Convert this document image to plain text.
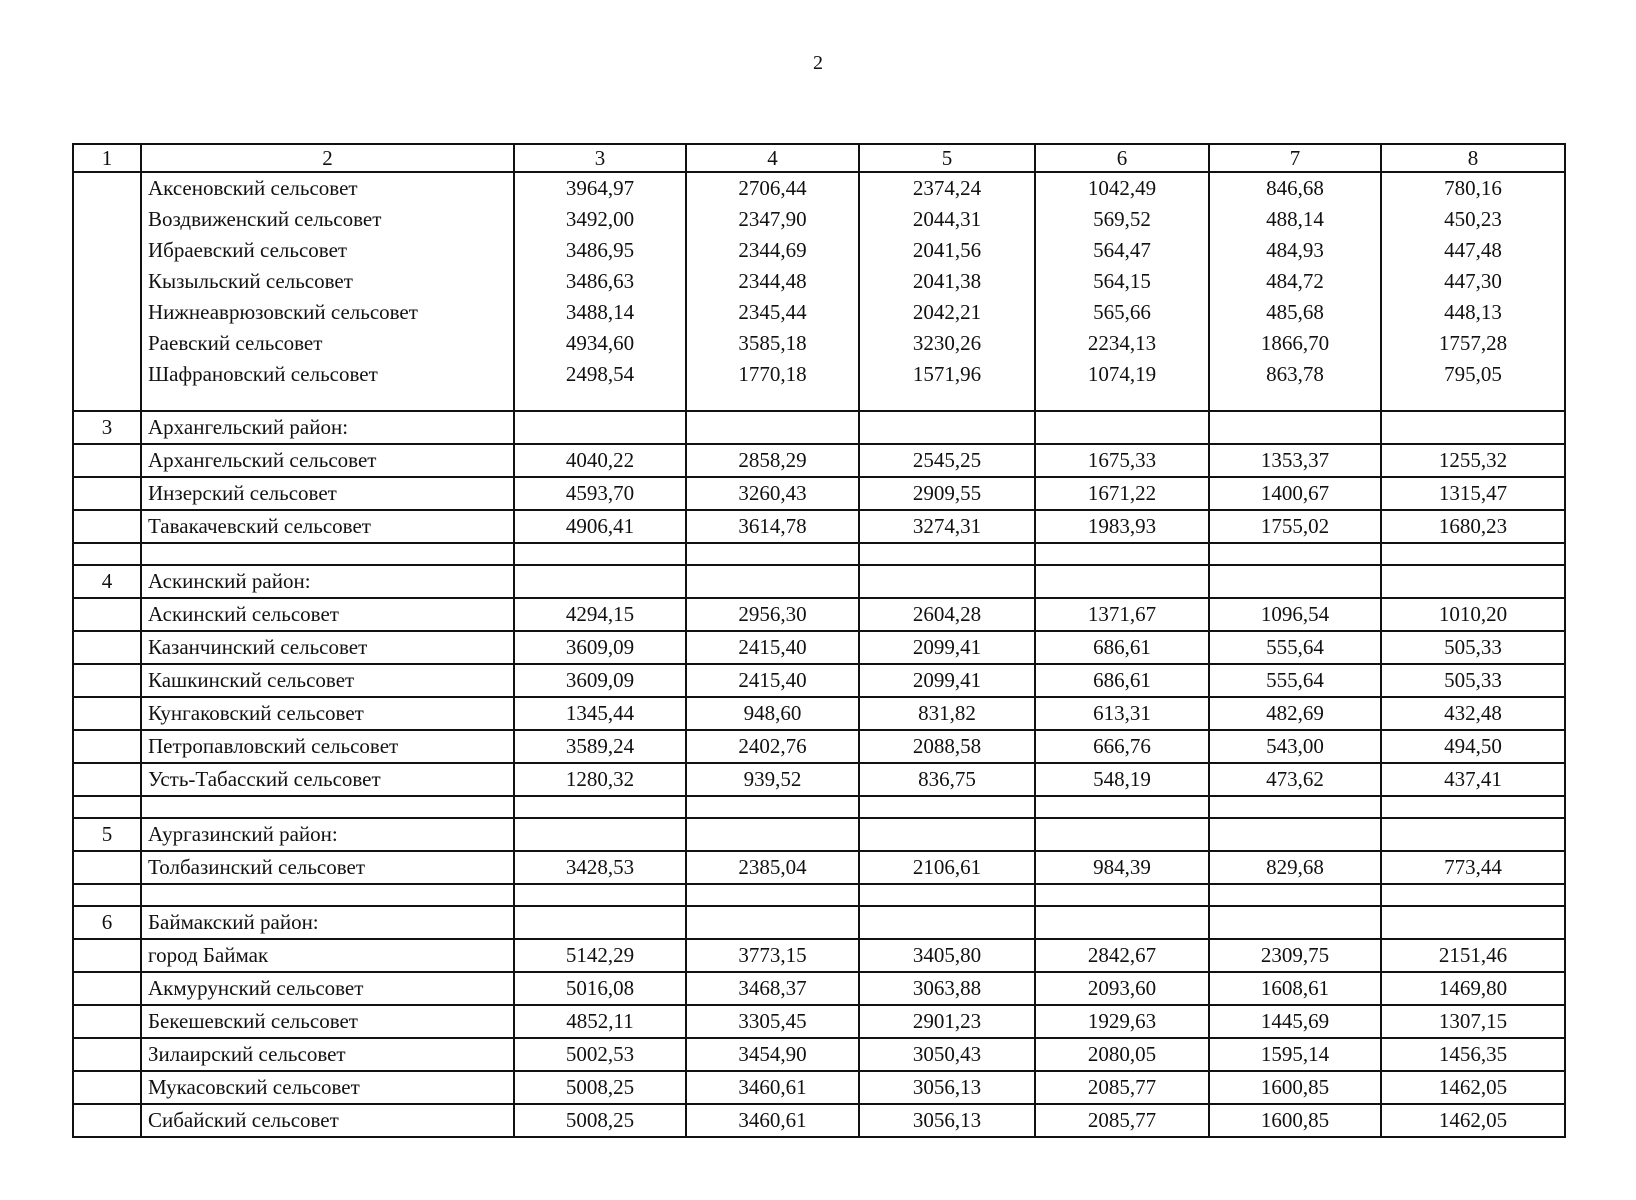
2
1	2	3	4	5	6	7	8
	Аксеновский сельсовет	3964,97	2706,44	2374,24	1042,49	846,68	780,16
	Воздвиженский сельсовет	3492,00	2347,90	2044,31	569,52	488,14	450,23
	Ибраевский сельсовет	3486,95	2344,69	2041,56	564,47	484,93	447,48
	Кызыльский сельсовет	3486,63	2344,48	2041,38	564,15	484,72	447,30
	Нижнеаврюзовский сельсовет	3488,14	2345,44	2042,21	565,66	485,68	448,13
	Раевский сельсовет	4934,60	3585,18	3230,26	2234,13	1866,70	1757,28
	Шафрановский сельсовет	2498,54	1770,18	1571,96	1074,19	863,78	795,05

3	Архангельский район:						
	Архангельский сельсовет	4040,22	2858,29	2545,25	1675,33	1353,37	1255,32
	Инзерский сельсовет	4593,70	3260,43	2909,55	1671,22	1400,67	1315,47
	Тавакачевский сельсовет	4906,41	3614,78	3274,31	1983,93	1755,02	1680,23

4	Аскинский район:						
	Аскинский сельсовет	4294,15	2956,30	2604,28	1371,67	1096,54	1010,20
	Казанчинский сельсовет	3609,09	2415,40	2099,41	686,61	555,64	505,33
	Кашкинский сельсовет	3609,09	2415,40	2099,41	686,61	555,64	505,33
	Кунгаковский сельсовет	1345,44	948,60	831,82	613,31	482,69	432,48
	Петропавловский сельсовет	3589,24	2402,76	2088,58	666,76	543,00	494,50
	Усть-Табасский сельсовет	1280,32	939,52	836,75	548,19	473,62	437,41

5	Аургазинский район:						
	Толбазинский сельсовет	3428,53	2385,04	2106,61	984,39	829,68	773,44

6	Баймакский район:						
	город Баймак	5142,29	3773,15	3405,80	2842,67	2309,75	2151,46
	Акмурунский сельсовет	5016,08	3468,37	3063,88	2093,60	1608,61	1469,80
	Бекешевский сельсовет	4852,11	3305,45	2901,23	1929,63	1445,69	1307,15
	Зилаирский сельсовет	5002,53	3454,90	3050,43	2080,05	1595,14	1456,35
	Мукасовский сельсовет	5008,25	3460,61	3056,13	2085,77	1600,85	1462,05
	Сибайский сельсовет	5008,25	3460,61	3056,13	2085,77	1600,85	1462,05
